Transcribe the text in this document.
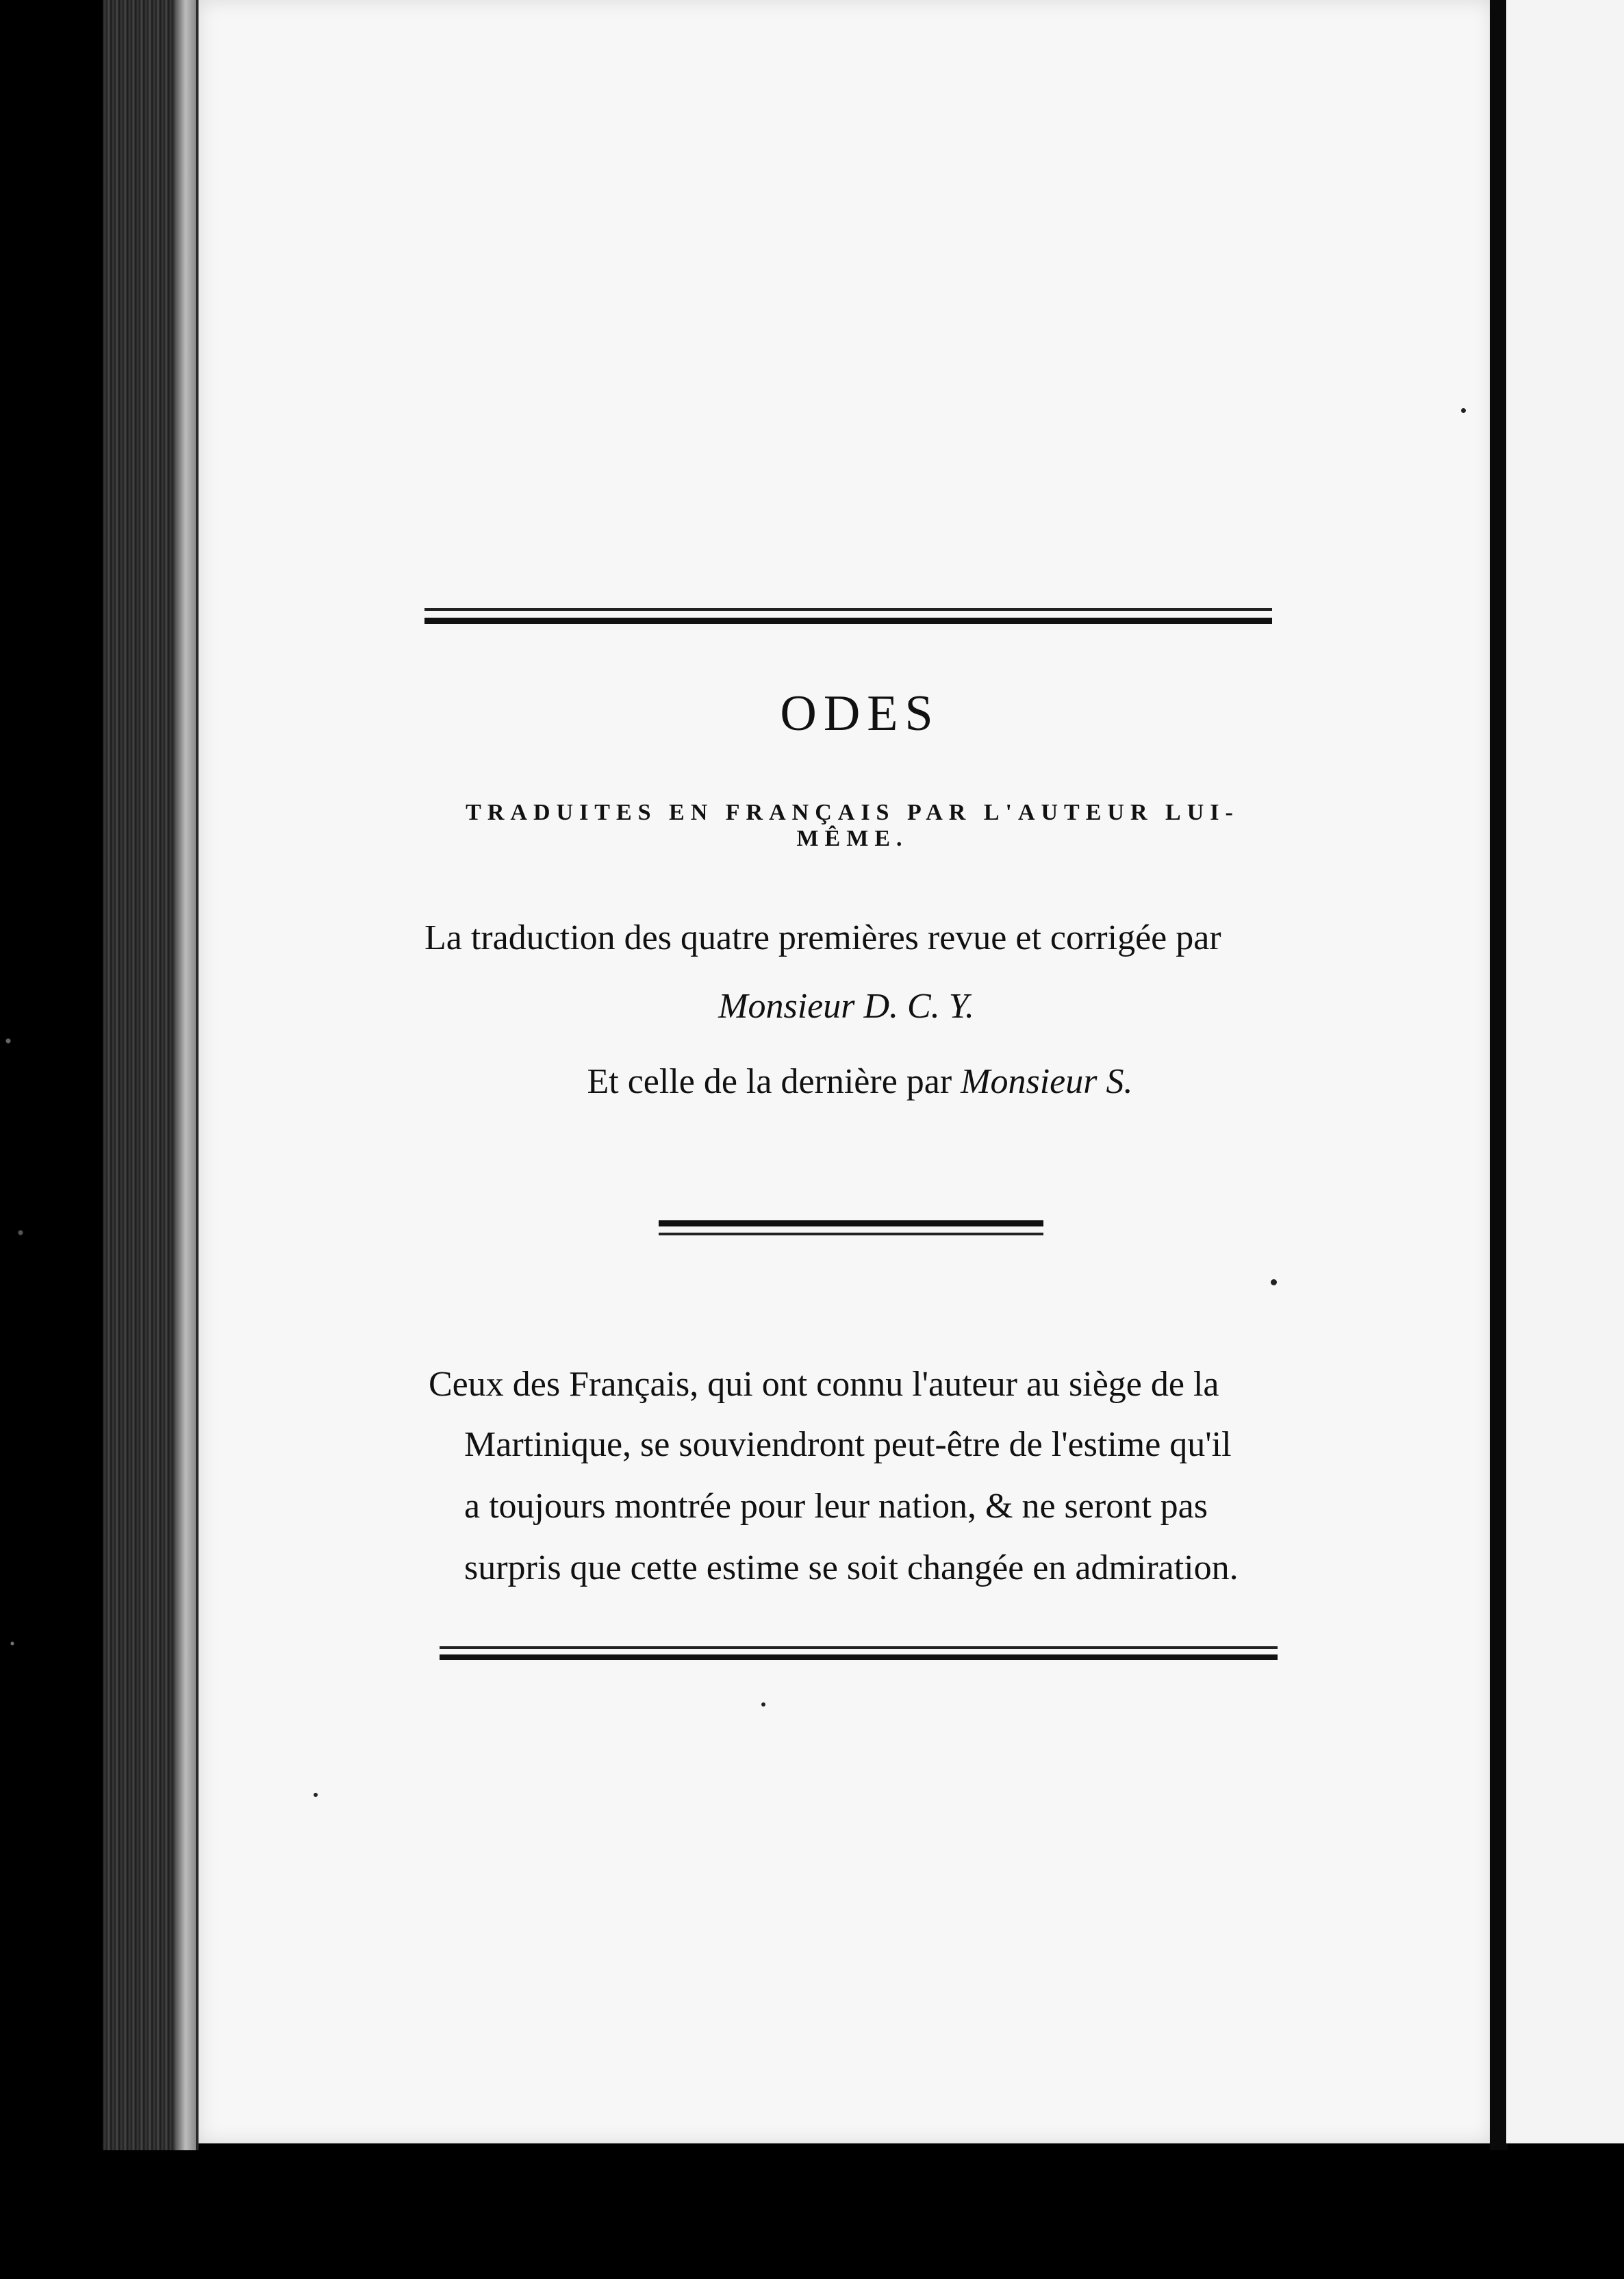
ODES
TRADUITES EN FRANÇAIS PAR L'AUTEUR LUI-MÊME.
La traduction des quatre premières revue et corrigée par
Monsieur D. C. Y.
Et celle de la dernière par Monsieur S.
Ceux des Français, qui ont connu l'auteur au siège de la
Martinique, se souviendront peut-être de l'estime qu'il
a toujours montrée pour leur nation, & ne seront pas
surpris que cette estime se soit changée en admiration.
